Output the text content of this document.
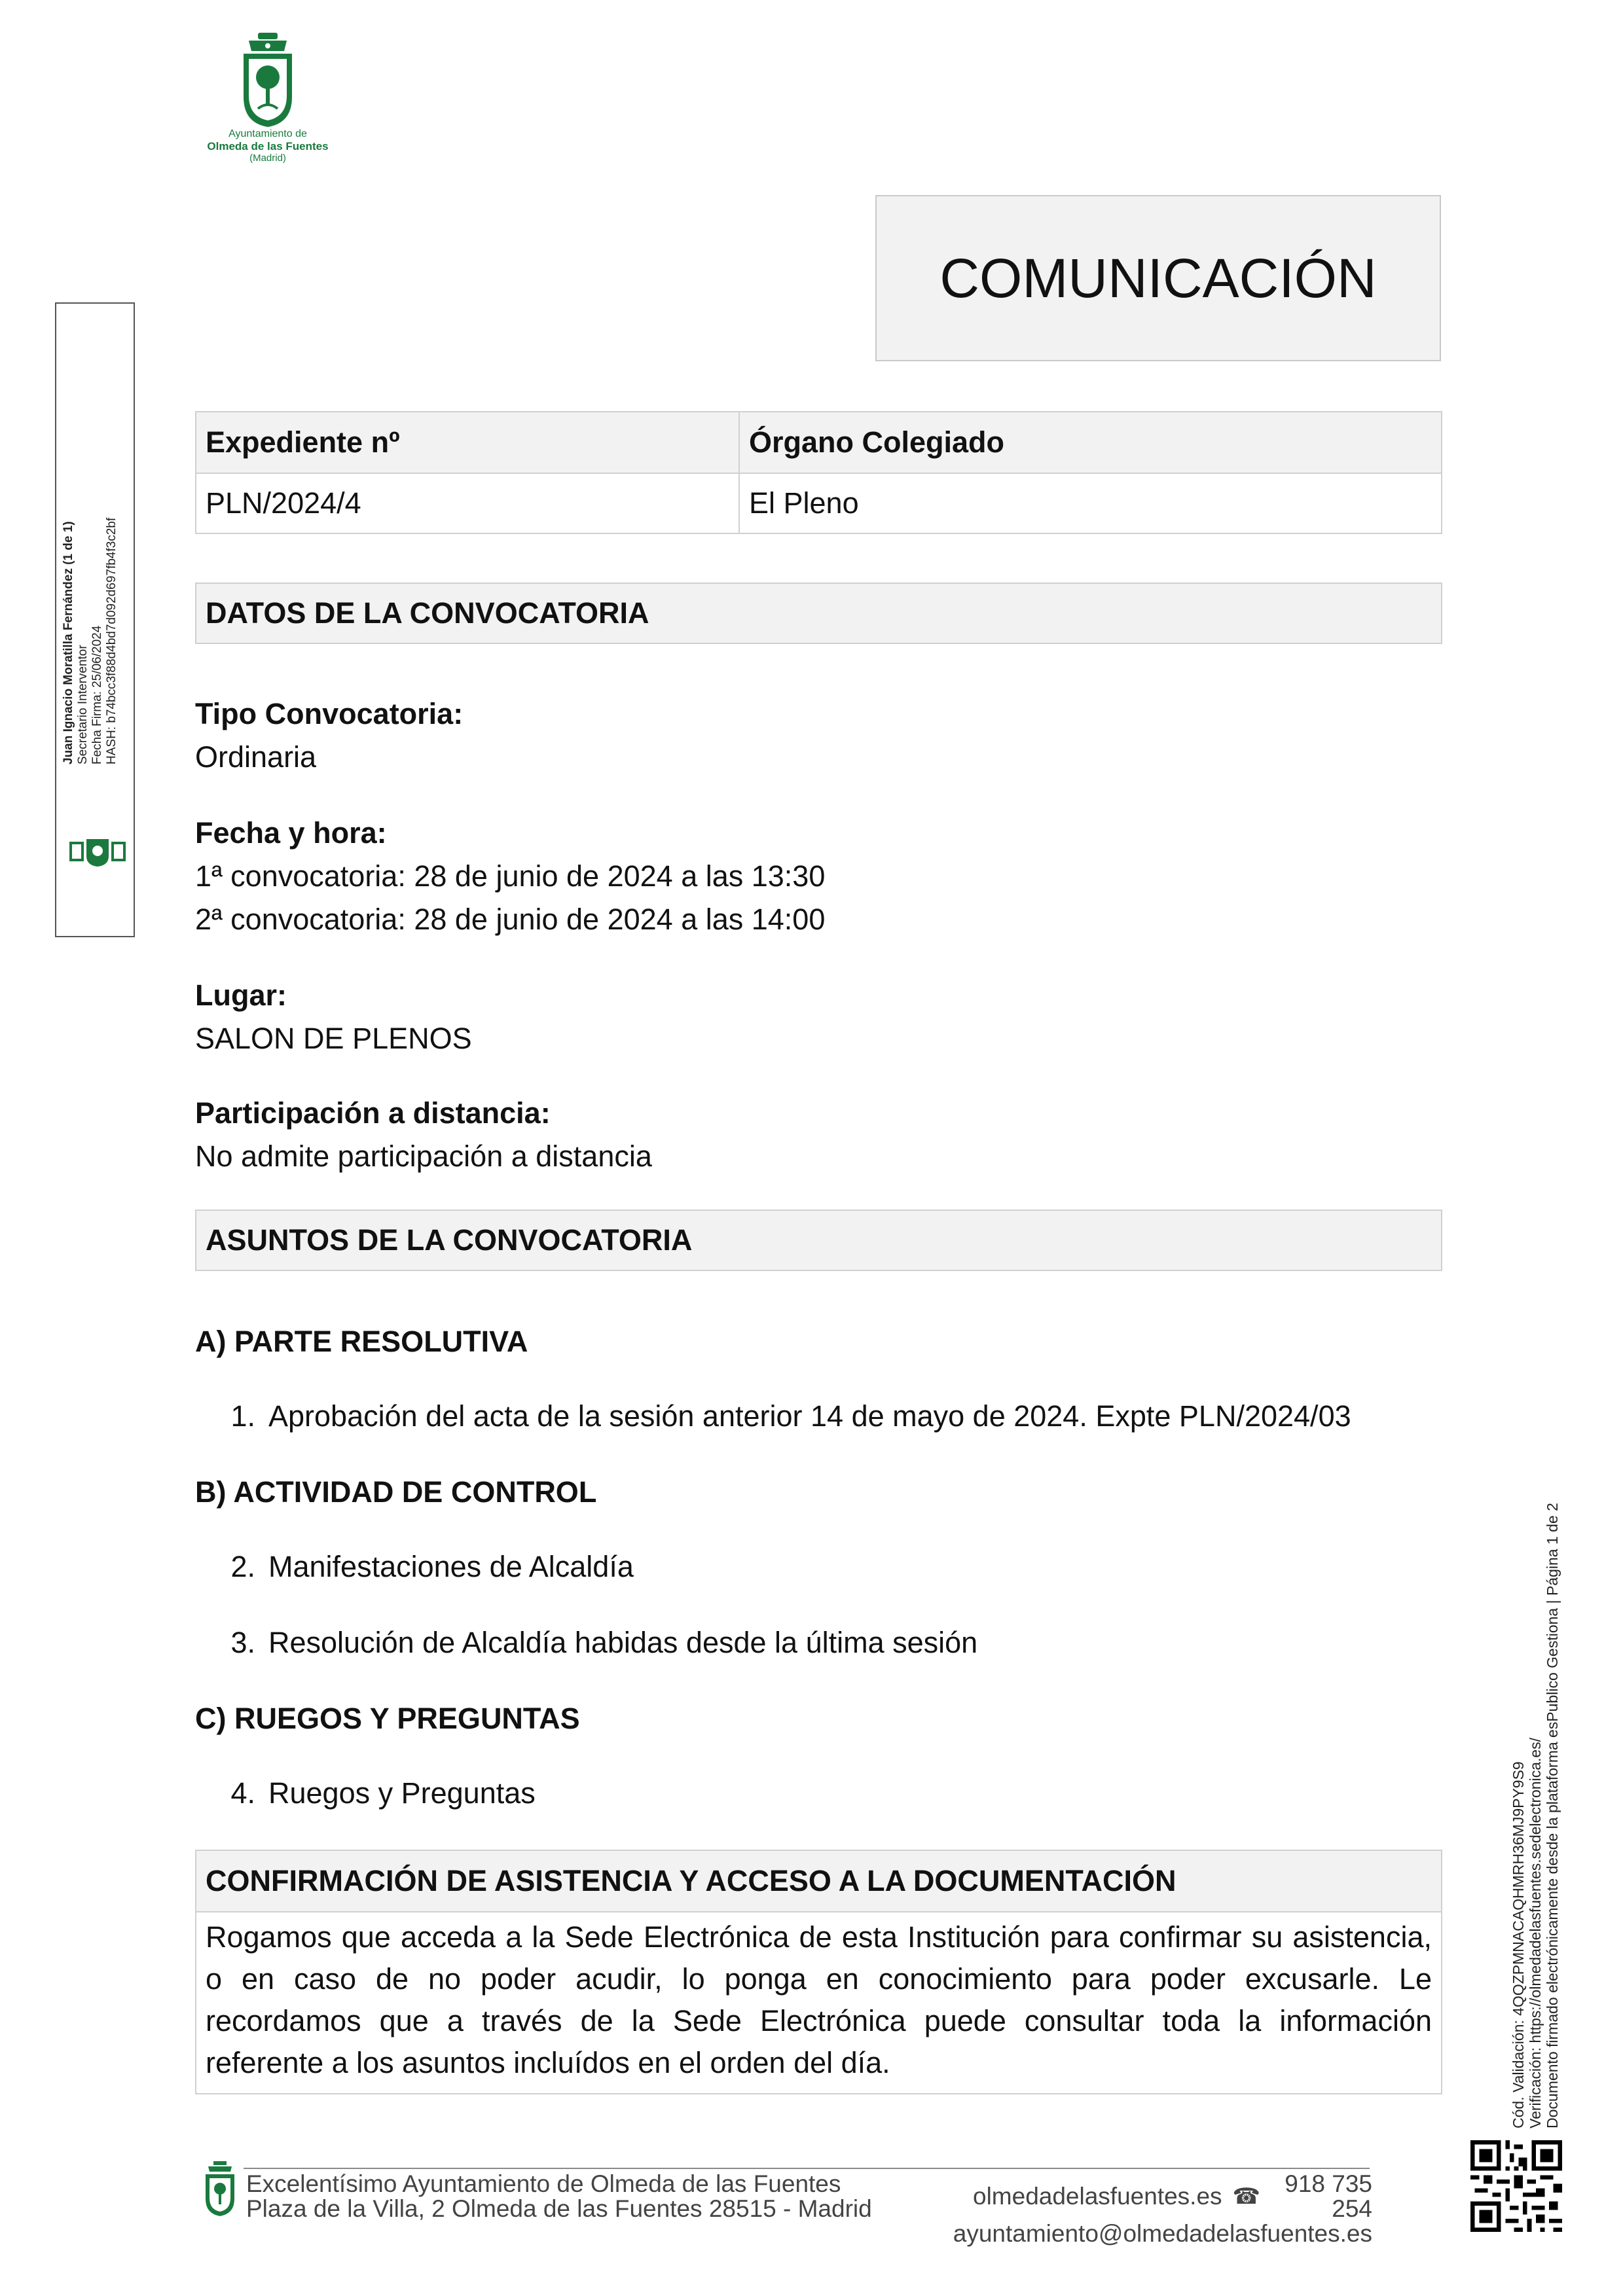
Ayuntamiento de
Olmeda de las Fuentes
(Madrid)
COMUNICACIÓN
Expediente nº	Órgano Colegiado
PLN/2024/4	El Pleno
DATOS DE LA CONVOCATORIA
Tipo Convocatoria:
Ordinaria
Fecha y hora:
1ª convocatoria: 28 de junio de 2024 a las 13:30
2ª convocatoria: 28 de junio de 2024 a las 14:00
Lugar:
SALON DE PLENOS
Participación a distancia:
No admite participación a distancia
ASUNTOS DE LA CONVOCATORIA
A) PARTE RESOLUTIVA
1. Aprobación del acta de la sesión anterior 14 de mayo de 2024. Expte PLN/2024/03
B) ACTIVIDAD DE CONTROL
2. Manifestaciones de Alcaldía
3. Resolución de Alcaldía habidas desde la última sesión
C) RUEGOS Y PREGUNTAS
4. Ruegos y Preguntas
CONFIRMACIÓN DE ASISTENCIA Y ACCESO A LA DOCUMENTACIÓN
Rogamos que acceda a la Sede Electrónica de esta Institución para confirmar su asistencia, o en caso de no poder acudir, lo ponga en conocimiento para poder excusarle. Le recordamos que a través de la Sede Electrónica puede consultar toda la información referente a los asuntos incluídos en el orden del día.
Juan Ignacio Moratilla Fernández (1 de 1) Secretario Interventor Fecha Firma: 25/06/2024 HASH: b74bcc3f88d4bd7d092d697fb4f3c2bf
Cód. Validación: 4QQZPMNACAQHMRH36MJ9PY9S9 Verificación: https://olmedadelasfuentes.sedelectronica.es/ Documento firmado electrónicamente desde la plataforma esPublico Gestiona | Página 1 de 2
Excelentísimo Ayuntamiento de Olmeda de las Fuentes
Plaza de la Villa, 2 Olmeda de las Fuentes 28515 - Madrid	olmedadelasfuentes.es ☎	918 735 254
ayuntamiento@olmedadelasfuentes.es
